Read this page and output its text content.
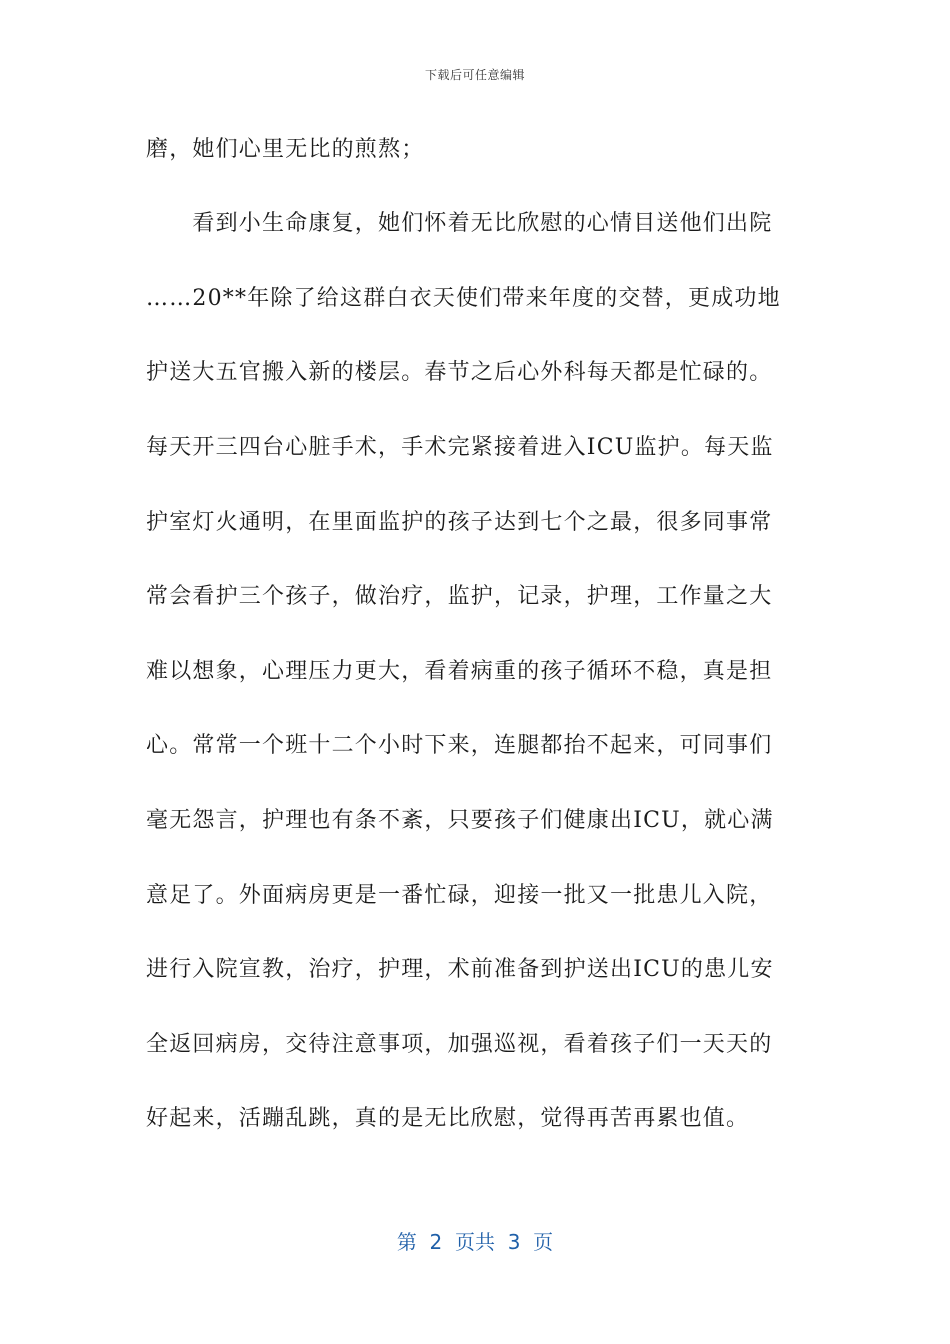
下载后可任意编辑
磨，她们心里无比的煎熬；
　　看到小生命康复，她们怀着无比欣慰的心情目送他们出院
……20**年除了给这群白衣天使们带来年度的交替，更成功地
护送大五官搬入新的楼层。春节之后心外科每天都是忙碌的。
每天开三四台心脏手术，手术完紧接着进入ICU监护。每天监
护室灯火通明，在里面监护的孩子达到七个之最，很多同事常
常会看护三个孩子，做治疗，监护，记录，护理，工作量之大
难以想象，心理压力更大，看着病重的孩子循环不稳，真是担
心。常常一个班十二个小时下来，连腿都抬不起来，可同事们
毫无怨言，护理也有条不紊，只要孩子们健康出ICU，就心满
意足了。外面病房更是一番忙碌，迎接一批又一批患儿入院，
进行入院宣教，治疗，护理，术前准备到护送出ICU的患儿安
全返回病房，交待注意事项，加强巡视，看着孩子们一天天的
好起来，活蹦乱跳，真的是无比欣慰，觉得再苦再累也值。
第  2  页共  3  页
